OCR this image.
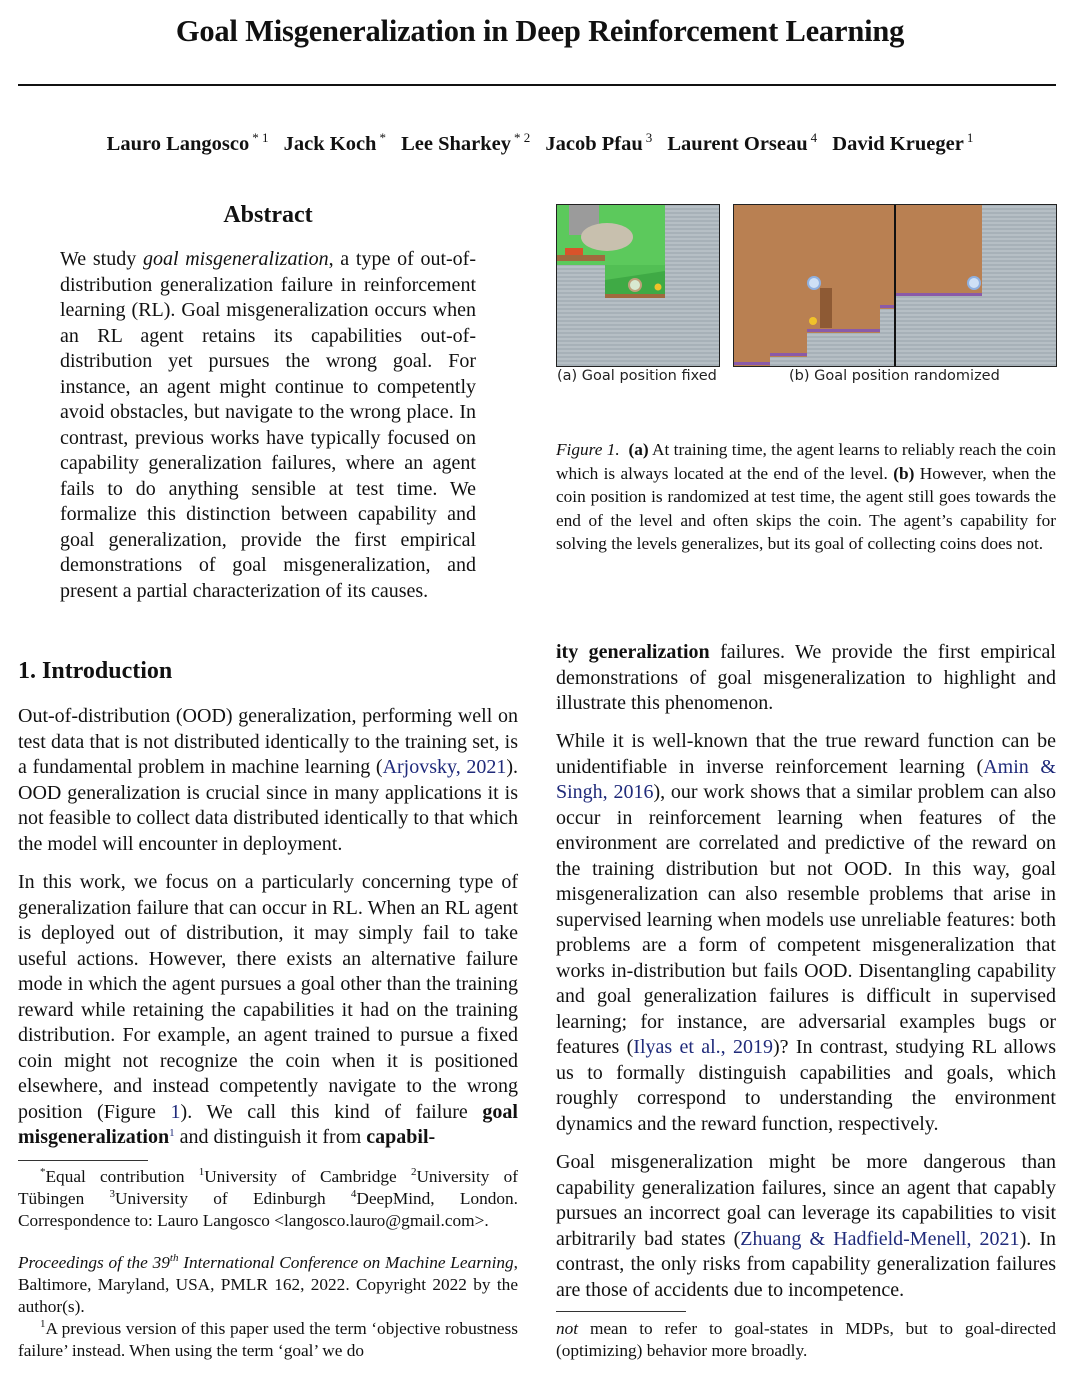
Goal Misgeneralization in Deep Reinforcement Learning
Lauro Langosco $^{* 1}$ Jack Koch * Lee Sharkey $^{* 2}$ Jacob Pfau $^3$ Laurent Orseau $^4$ David Krueger $^1$
Abstract
We study goal misgeneralization, a type of out-of-distribution generalization failure in reinforcement learning (RL). Goal misgeneralization occurs when an RL agent retains its capabilities out-of-distribution yet pursues the wrong goal. For instance, an agent might continue to competently avoid obstacles, but navigate to the wrong place. In contrast, previous works have typically focused on capability generalization failures, where an agent fails to do anything sensible at test time. We formalize this distinction between capability and goal generalization, provide the first empirical demonstrations of goal misgeneralization, and present a partial characterization of its causes.
(a) Goal position fixed	(b) Goal position randomized
Figure 1. (a) At training time, the agent learns to reliably reach the coin which is always located at the end of the level. (b) However, when the coin position is randomized at test time, the agent still goes towards the end of the level and often skips the coin. The agent’s capability for solving the levels generalizes, but its goal of collecting coins does not.
1. Introduction
Out-of-distribution (OOD) generalization, performing well on test data that is not distributed identically to the training set, is a fundamental problem in machine learning (Arjovsky, 2021). OOD generalization is crucial since in many applications it is not feasible to collect data distributed identically to that which the model will encounter in deployment.
In this work, we focus on a particularly concerning type of generalization failure that can occur in RL. When an RL agent is deployed out of distribution, it may simply fail to take useful actions. However, there exists an alternative failure mode in which the agent pursues a goal other than the training reward while retaining the capabilities it had on the training distribution. For example, an agent trained to pursue a fixed coin might not recognize the coin when it is positioned elsewhere, and instead competently navigate to the wrong position (Figure 1). We call this kind of failure goal misgeneralization$^1$ and distinguish it from capabil-
*Equal contribution $^1$University of Cambridge $^2$University of Tübingen $^3$University of Edinburgh $^4$DeepMind, London. Correspondence to: Lauro Langosco <langosco.lauro@gmail.com>.
Proceedings of the 39th International Conference on Machine Learning, Baltimore, Maryland, USA, PMLR 162, 2022. Copyright 2022 by the author(s).
$^1$A previous version of this paper used the term ‘objective robustness failure’ instead. When using the term ‘goal’ we do
ity generalization failures. We provide the first empirical demonstrations of goal misgeneralization to highlight and illustrate this phenomenon.
While it is well-known that the true reward function can be unidentifiable in inverse reinforcement learning (Amin & Singh, 2016), our work shows that a similar problem can also occur in reinforcement learning when features of the environment are correlated and predictive of the reward on the training distribution but not OOD. In this way, goal misgeneralization can also resemble problems that arise in supervised learning when models use unreliable features: both problems are a form of competent misgeneralization that works in-distribution but fails OOD. Disentangling capability and goal generalization failures is difficult in supervised learning; for instance, are adversarial examples bugs or features (Ilyas et al., 2019)? In contrast, studying RL allows us to formally distinguish capabilities and goals, which roughly correspond to understanding the environment dynamics and the reward function, respectively.
Goal misgeneralization might be more dangerous than capability generalization failures, since an agent that capably pursues an incorrect goal can leverage its capabilities to visit arbitrarily bad states (Zhuang & Hadfield-Menell, 2021). In contrast, the only risks from capability generalization failures are those of accidents due to incompetence.
not mean to refer to goal-states in MDPs, but to goal-directed (optimizing) behavior more broadly.
